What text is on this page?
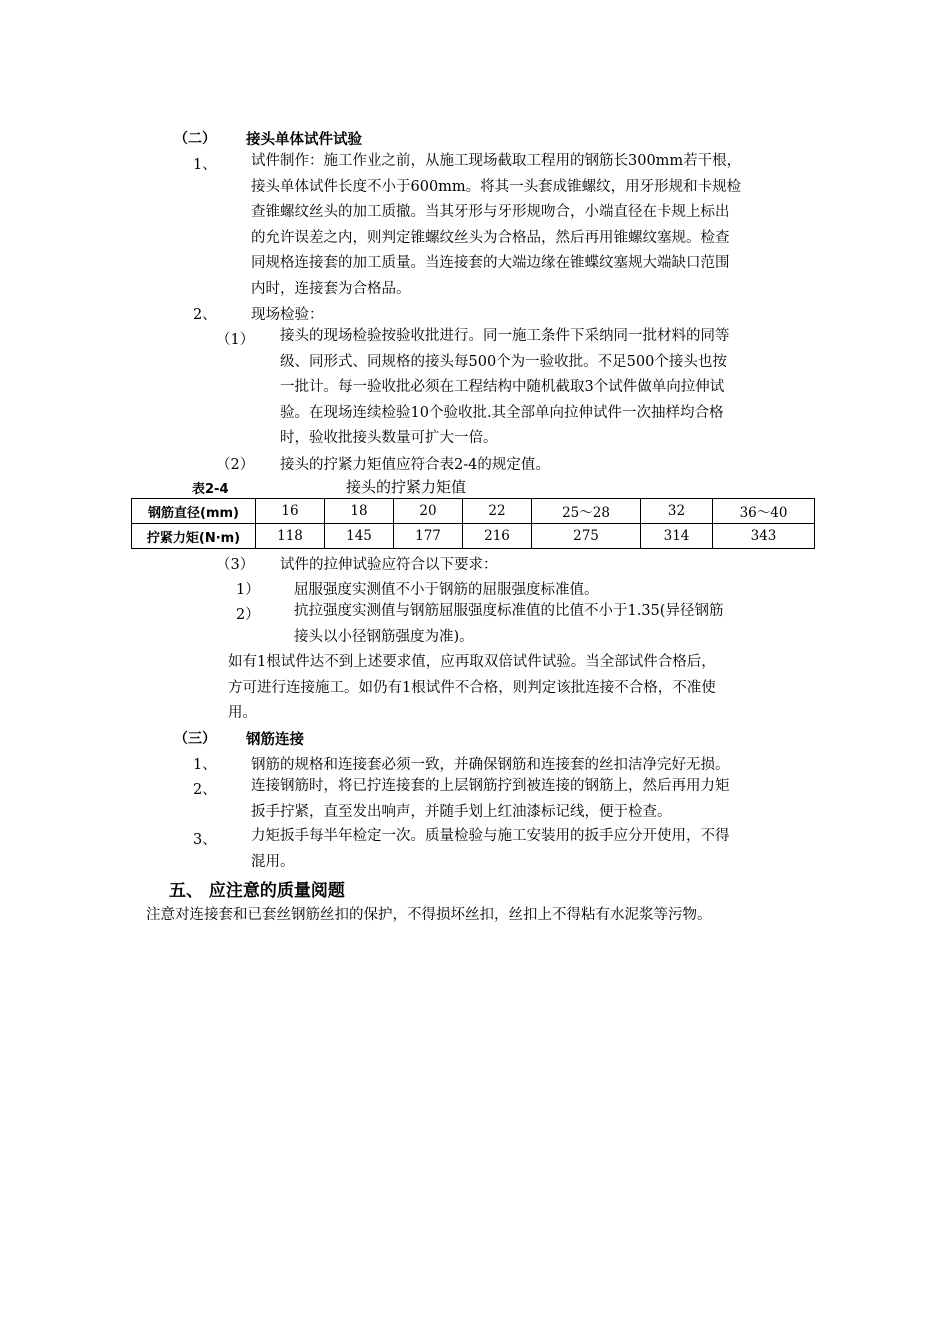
（二） 接头单体试件试验
1、 试件制作：施工作业之前，从施工现场截取工程用的钢筋长300mm若干根，
接头单体试件长度不小于600mm。将其一头套成锥螺纹，用牙形规和卡规检
查锥螺纹丝头的加工质撤。当其牙形与牙形规吻合，小端直径在卡规上标出
的允许误差之内，则判定锥螺纹丝头为合格品，然后再用锥螺纹塞规。检查
同规格连接套的加工质量。当连接套的大端边缘在锥蝶纹塞规大端缺口范围
内时，连接套为合格品。
2、 现场检验：
（1） 接头的现场检验按验收批进行。同一施工条件下采纳同一批材料的同等
级、同形式、同规格的接头每500个为一验收批。不足500个接头也按
一批计。每一验收批必须在工程结构中随机截取3个试件做单向拉伸试
验。在现场连续检验10个验收批.其全部单向拉伸试件一次抽样均合格
时，验收批接头数量可扩大一倍。
（2） 接头的拧紧力矩值应符合表2-4的规定值。
表2-4	接头的拧紧力矩值
钢筋直径(mm)	16	18	20	22	25～28	32	36～40
拧紧力矩(N·m)	118	145	177	216	275	314	343
（3） 试件的拉伸试验应符合以下要求：
1） 屈服强度实测值不小于钢筋的屈服强度标准值。
2） 抗拉强度实测值与钢筋屈服强度标准值的比值不小于1.35(异径钢筋
接头以小径钢筋强度为准)。
如有1根试件达不到上述要求值，应再取双倍试件试验。当全部试件合格后，
方可进行连接施工。如仍有1根试件不合格，则判定该批连接不合格，不准使
用。
（三） 钢筋连接
1、 钢筋的规格和连接套必须一致，并确保钢筋和连接套的丝扣洁净完好无损。
2、 连接钢筋时，将已拧连接套的上层钢筋拧到被连接的钢筋上，然后再用力矩
扳手拧紧，直至发出响声，并随手划上红油漆标记线，便于检查。
3、 力矩扳手每半年检定一次。质量检验与施工安装用的扳手应分开使用，不得
混用。
五、 应注意的质量阅题
注意对连接套和已套丝钢筋丝扣的保护，不得损坏丝扣，丝扣上不得粘有水泥浆等污物。
